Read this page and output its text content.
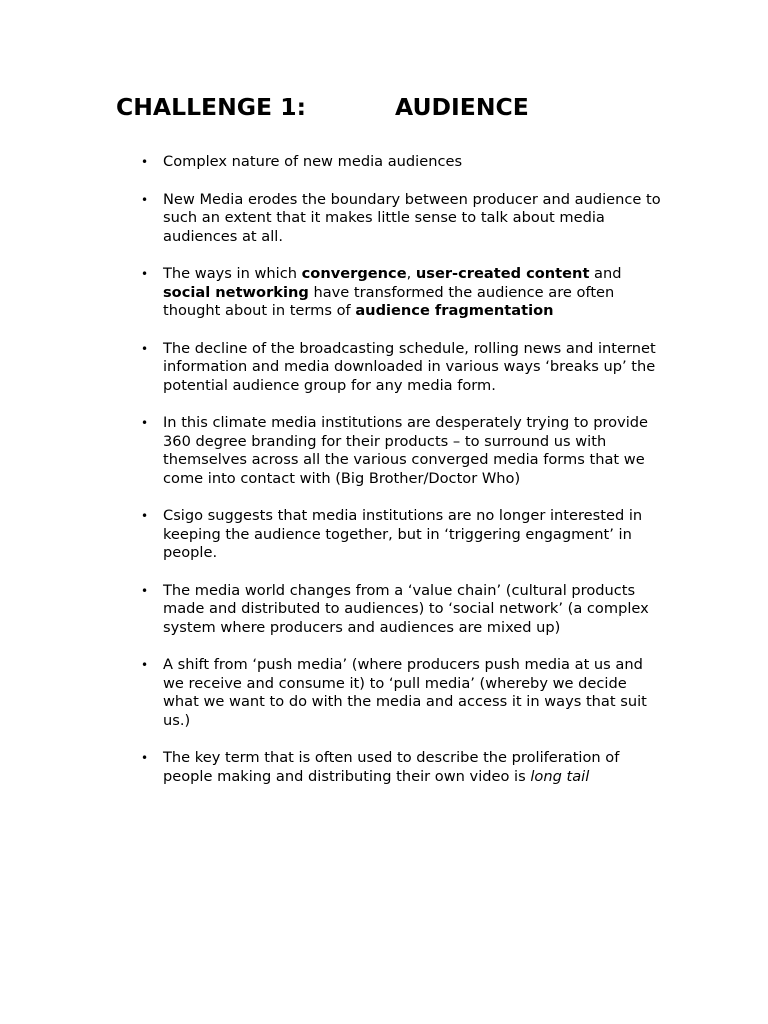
CHALLENGE 1:	AUDIENCE
• Complex nature of new media audiences
• New Media erodes the boundary between producer and audience to such an extent that it makes little sense to talk about media audiences at all.
• The ways in which convergence, user-created content and social networking have transformed the audience are often thought about in terms of audience fragmentation
• The decline of the broadcasting schedule, rolling news and internet information and media downloaded in various ways ‘breaks up’ the potential audience group for any media form.
• In this climate media institutions are desperately trying to provide 360 degree branding for their products – to surround us with themselves across all the various converged media forms that we come into contact with (Big Brother/Doctor Who)
• Csigo suggests that media institutions are no longer interested in keeping the audience together, but in ‘triggering engagment’ in people.
• The media world changes from a ‘value chain’ (cultural products made and distributed to audiences) to ‘social network’ (a complex system where producers and audiences are mixed up)
• A shift from ‘push media’ (where producers push media at us and we receive and consume it) to ‘pull media’ (whereby we decide what we want to do with the media and access it in ways that suit us.)
• The key term that is often used to describe the proliferation of people making and distributing their own video is long tail
